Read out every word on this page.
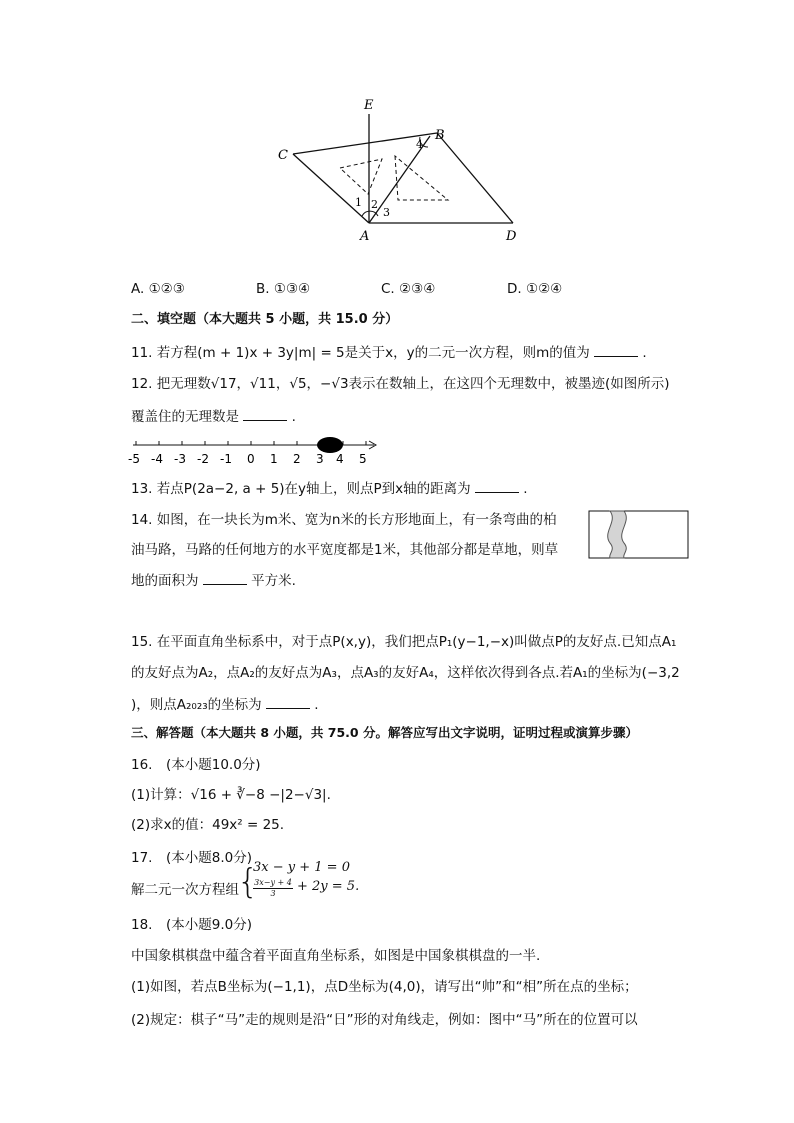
E
B
C
A	D
1 2
3
4
A. ①②③	B. ①③④	C. ②③④	D. ①②④
二、填空题（本大题共 5 小题，共 15.0 分）
11. 若方程(m + 1)x + 3y|m| = 5是关于x，y的二元一次方程，则m的值为	.
12. 把无理数√17，√11，√5，−√3表示在数轴上，在这四个无理数中，被墨迹(如图所示)
覆盖住的无理数是	.
-5 -4 -3 -2 -1 0 1 2 3 4 5
13. 若点P(2a−2, a + 5)在y轴上，则点P到x轴的距离为	.
14. 如图，在一块长为m米、宽为n米的长方形地面上，有一条弯曲的柏
油马路，马路的任何地方的水平宽度都是1米，其他部分都是草地，则草
地的面积为	平方米.
15. 在平面直角坐标系中，对于点P(x,y)，我们把点P₁(y−1,−x)叫做点P的友好点.已知点A₁
的友好点为A₂，点A₂的友好点为A₃，点A₃的友好A₄，这样依次得到各点.若A₁的坐标为(−3,2
)，则点A₂₀₂₃的坐标为	.
三、解答题（本大题共 8 小题，共 75.0 分。解答应写出文字说明，证明过程或演算步骤）
16.　(本小题10.0分)
(1)计算：√16 + ∛−8 −|2−√3|.
(2)求x的值：49x² = 25.
17.　(本小题8.0分)
解二元一次方程组
{
3x − y + 1 = 0
3x−y + 4
3	+ 2y = 5.
18.　(本小题9.0分)
中国象棋棋盘中蕴含着平面直角坐标系，如图是中国象棋棋盘的一半.
(1)如图，若点B坐标为(−1,1)，点D坐标为(4,0)，请写出“帅”和“相”所在点的坐标；
(2)规定：棋子“马”走的规则是沿“日”形的对角线走，例如：图中“马”所在的位置可以
